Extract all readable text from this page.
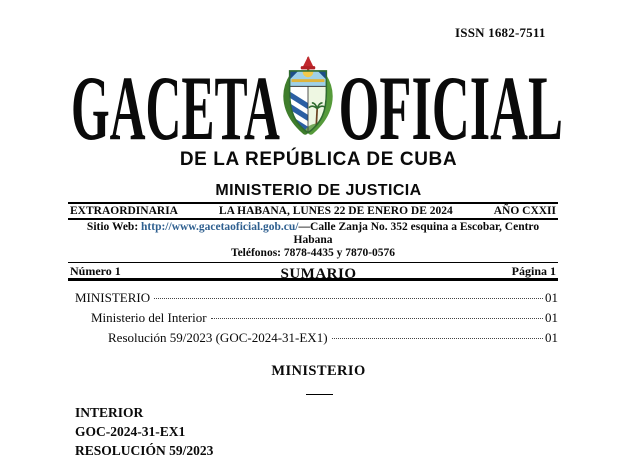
ISSN 1682-7511
GACETA OFICIAL
DE LA REPÚBLICA DE CUBA
MINISTERIO DE JUSTICIA
EXTRAORDINARIA	LA HABANA, LUNES 22 DE ENERO DE 2024	AÑO CXXII
Sitio Web: http://www.gacetaoficial.gob.cu/—Calle Zanja No. 352 esquina a Escobar, Centro Habana
Teléfonos: 7878-4435 y 7870-0576
Número 1	Página 1
SUMARIO
MINISTERIO	01
Ministerio del Interior	01
Resolución 59/2023 (GOC-2024-31-EX1)	01
MINISTERIO
INTERIOR
GOC-2024-31-EX1
RESOLUCIÓN 59/2023
